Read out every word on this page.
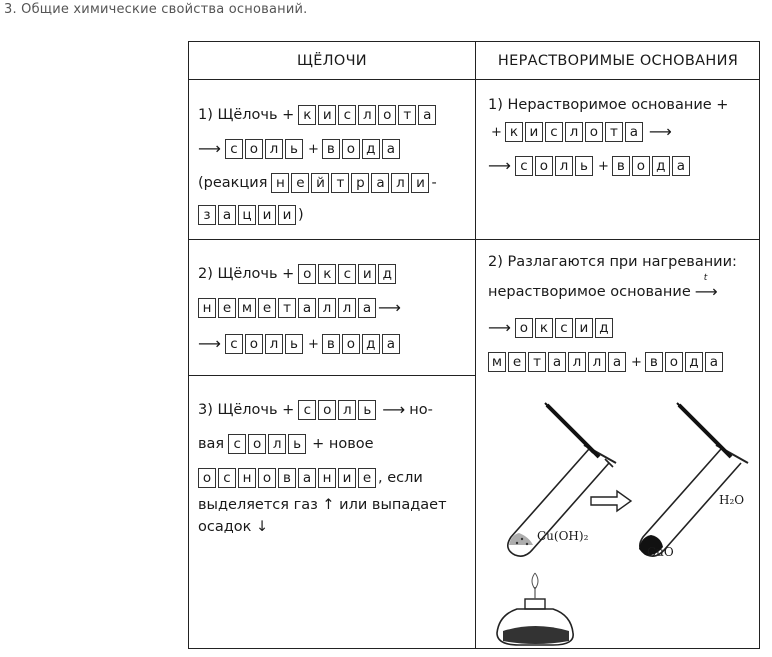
3. Общие химические свойства оснований.
ЩЁЛОЧИ	НЕРАСТВОРИМЫЕ ОСНОВАНИЯ
1) Щёлочь + к и с л о т а
⟶ с о л ь + в о д а
(реакция н е й т р а л и -
з а ц и и )
2) Щёлочь + о к с и д
н е м е т а л л а ⟶
⟶ с о л ь + в о д а
3) Щёлочь + с о л ь ⟶ но-
вая с о л ь + новое
о с н о в а н и е , если
выделяется газ ↑ или выпадает
осадок ↓
1) Нерастворимое основание +
+ к и с л о т а ⟶
⟶ с о л ь + в о д а
2) Разлагаются при нагревании:
нерастворимое основание
t
⟶
⟶ о к с и д
м е т а л л а + в о д а
Cu(OH)₂
CuO
H₂O
